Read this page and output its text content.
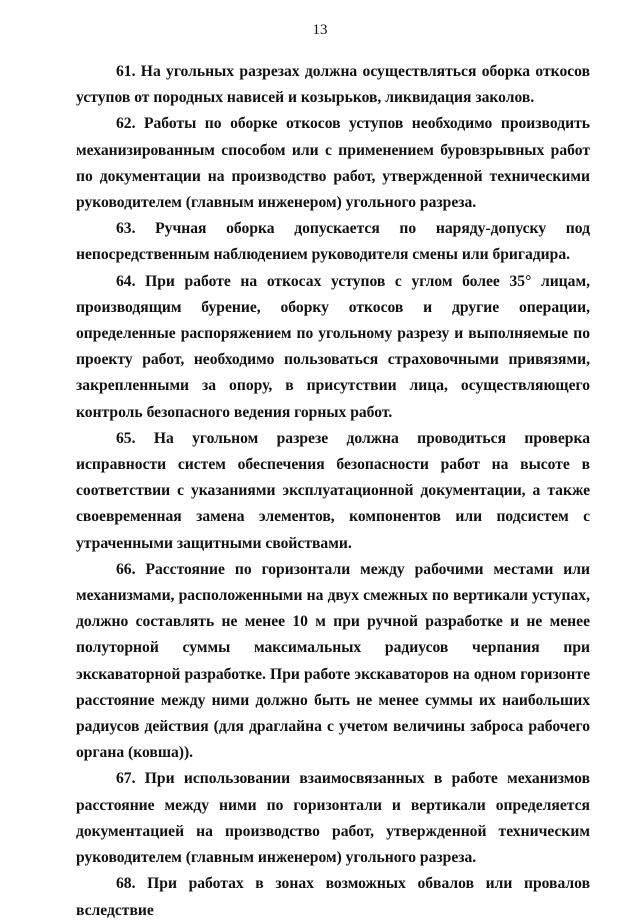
13

61. На угольных разрезах должна осуществляться оборка откосов уступов от породных нависей и козырьков, ликвидация заколов.

62. Работы по оборке откосов уступов необходимо производить механизированным способом или с применением буровзрывных работ по документации на производство работ, утвержденной техническими руководителем (главным инженером) угольного разреза.

63. Ручная оборка допускается по наряду-допуску под непосредственным наблюдением руководителя смены или бригадира.

64. При работе на откосах уступов с углом более 35° лицам, производящим бурение, оборку откосов и другие операции, определенные распоряжением по угольному разрезу и выполняемые по проекту работ, необходимо пользоваться страховочными привязями, закрепленными за опору, в присутствии лица, осуществляющего контроль безопасного ведения горных работ.

65. На угольном разрезе должна проводиться проверка исправности систем обеспечения безопасности работ на высоте в соответствии с указаниями эксплуатационной документации, а также своевременная замена элементов, компонентов или подсистем с утраченными защитными свойствами.

66. Расстояние по горизонтали между рабочими местами или механизмами, расположенными на двух смежных по вертикали уступах, должно составлять не менее 10 м при ручной разработке и не менее полуторной суммы максимальных радиусов черпания при экскаваторной разработке. При работе экскаваторов на одном горизонте расстояние между ними должно быть не менее суммы их наибольших радиусов действия (для драглайна с учетом величины заброса рабочего органа (ковша)).

67. При использовании взаимосвязанных в работе механизмов расстояние между ними по горизонтали и вертикали определяется документацией на производство работ, утвержденной техническим руководителем (главным инженером) угольного разреза.

68. При работах в зонах возможных обвалов или провалов вследствие
